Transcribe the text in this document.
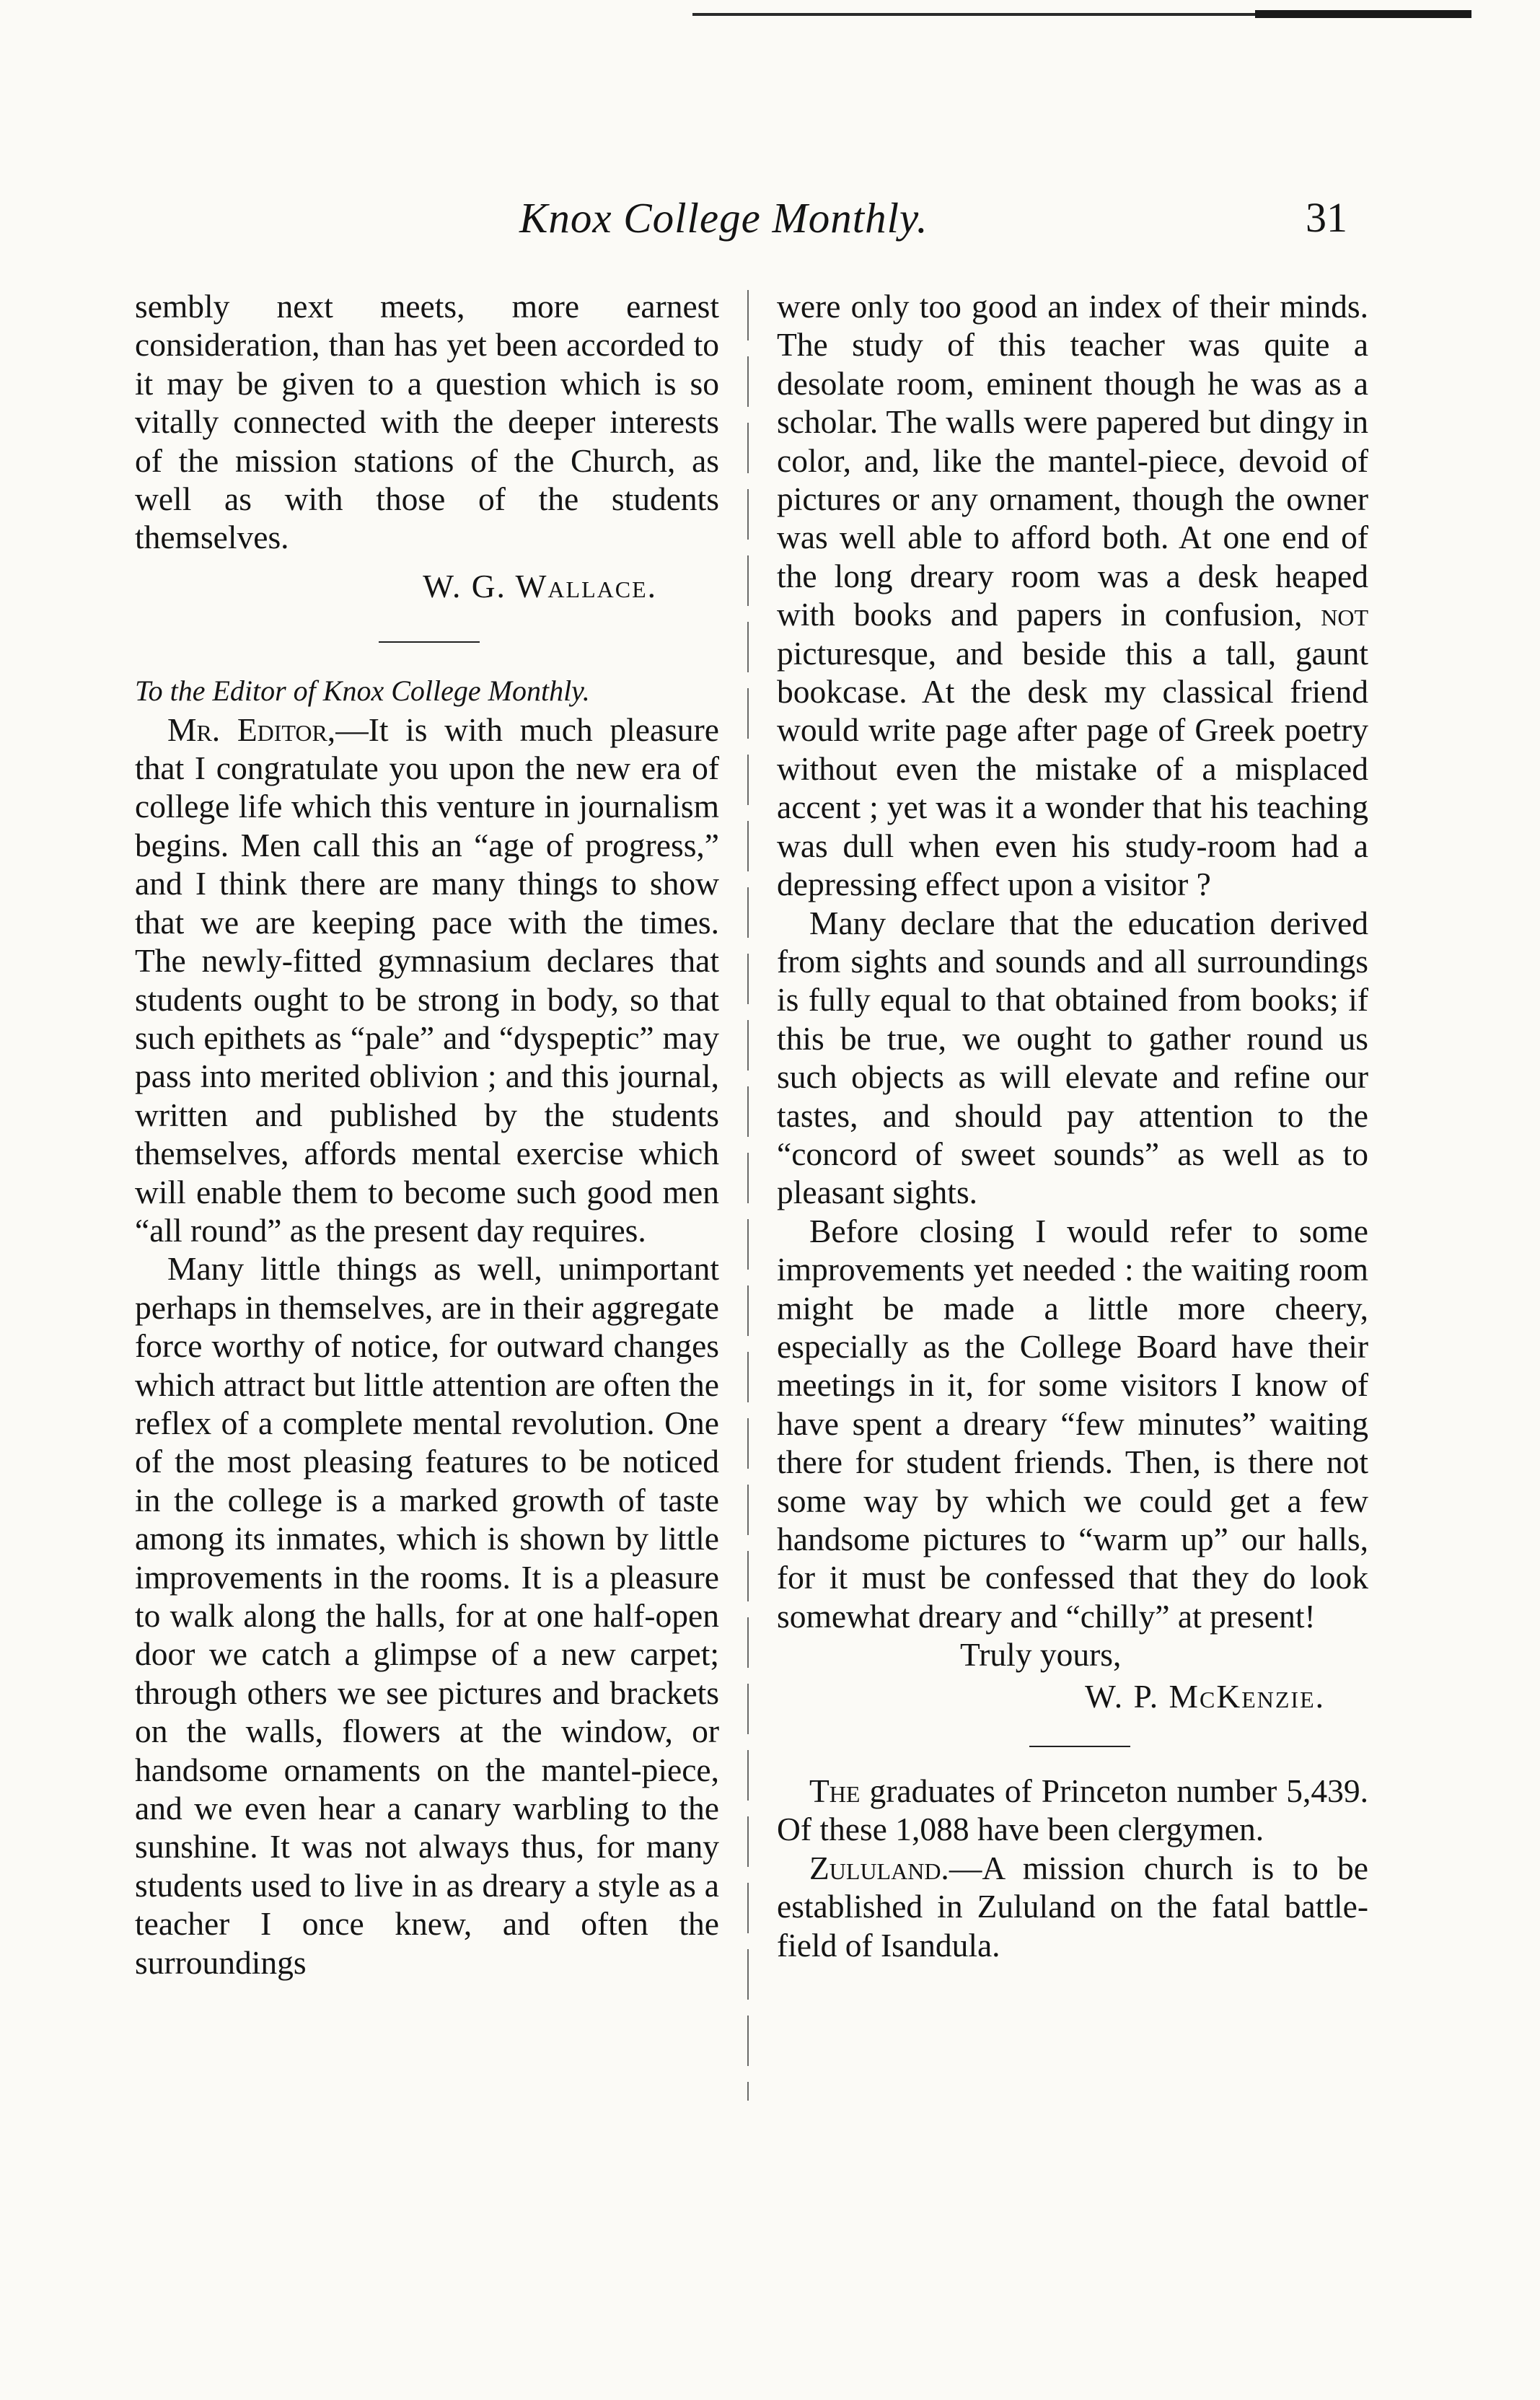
Knox College Monthly.	31

sembly next meets, more earnest consideration, than has yet been accorded to it may be given to a question which is so vitally connected with the deeper interests of the mission stations of the Church, as well as with those of the students themselves.

W. G. Wallace.

To the Editor of Knox College Monthly.

Mr. Editor,—It is with much pleasure that I congratulate you upon the new era of college life which this venture in journalism begins. Men call this an “age of progress,” and I think there are many things to show that we are keeping pace with the times. The newly-fitted gymnasium declares that students ought to be strong in body, so that such epithets as “pale” and “dyspeptic” may pass into merited oblivion ; and this journal, written and published by the students themselves, affords mental exercise which will enable them to become such good men “all round” as the present day requires.

Many little things as well, unimportant perhaps in themselves, are in their aggregate force worthy of notice, for outward changes which attract but little attention are often the reflex of a complete mental revolution. One of the most pleasing features to be noticed in the college is a marked growth of taste among its inmates, which is shown by little improvements in the rooms. It is a pleasure to walk along the halls, for at one half-open door we catch a glimpse of a new carpet; through others we see pictures and brackets on the walls, flowers at the window, or handsome ornaments on the mantel-piece, and we even hear a canary warbling to the sunshine. It was not always thus, for many students used to live in as dreary a style as a teacher I once knew, and often the surroundings

were only too good an index of their minds. The study of this teacher was quite a desolate room, eminent though he was as a scholar. The walls were papered but dingy in color, and, like the mantel-piece, devoid of pictures or any ornament, though the owner was well able to afford both. At one end of the long dreary room was a desk heaped with books and papers in confusion, not picturesque, and beside this a tall, gaunt bookcase. At the desk my classical friend would write page after page of Greek poetry without even the mistake of a misplaced accent ; yet was it a wonder that his teaching was dull when even his study-room had a depressing effect upon a visitor ?

Many declare that the education derived from sights and sounds and all surroundings is fully equal to that obtained from books; if this be true, we ought to gather round us such objects as will elevate and refine our tastes, and should pay attention to the “concord of sweet sounds” as well as to pleasant sights.

Before closing I would refer to some improvements yet needed : the waiting room might be made a little more cheery, especially as the College Board have their meetings in it, for some visitors I know of have spent a dreary “few minutes” waiting there for student friends. Then, is there not some way by which we could get a few handsome pictures to “warm up” our halls, for it must be confessed that they do look somewhat dreary and “chilly” at present!

Truly yours,

W. P. McKenzie.

The graduates of Princeton number 5,439. Of these 1,088 have been clergymen.

Zululand.—A mission church is to be established in Zululand on the fatal battle-field of Isandula.
